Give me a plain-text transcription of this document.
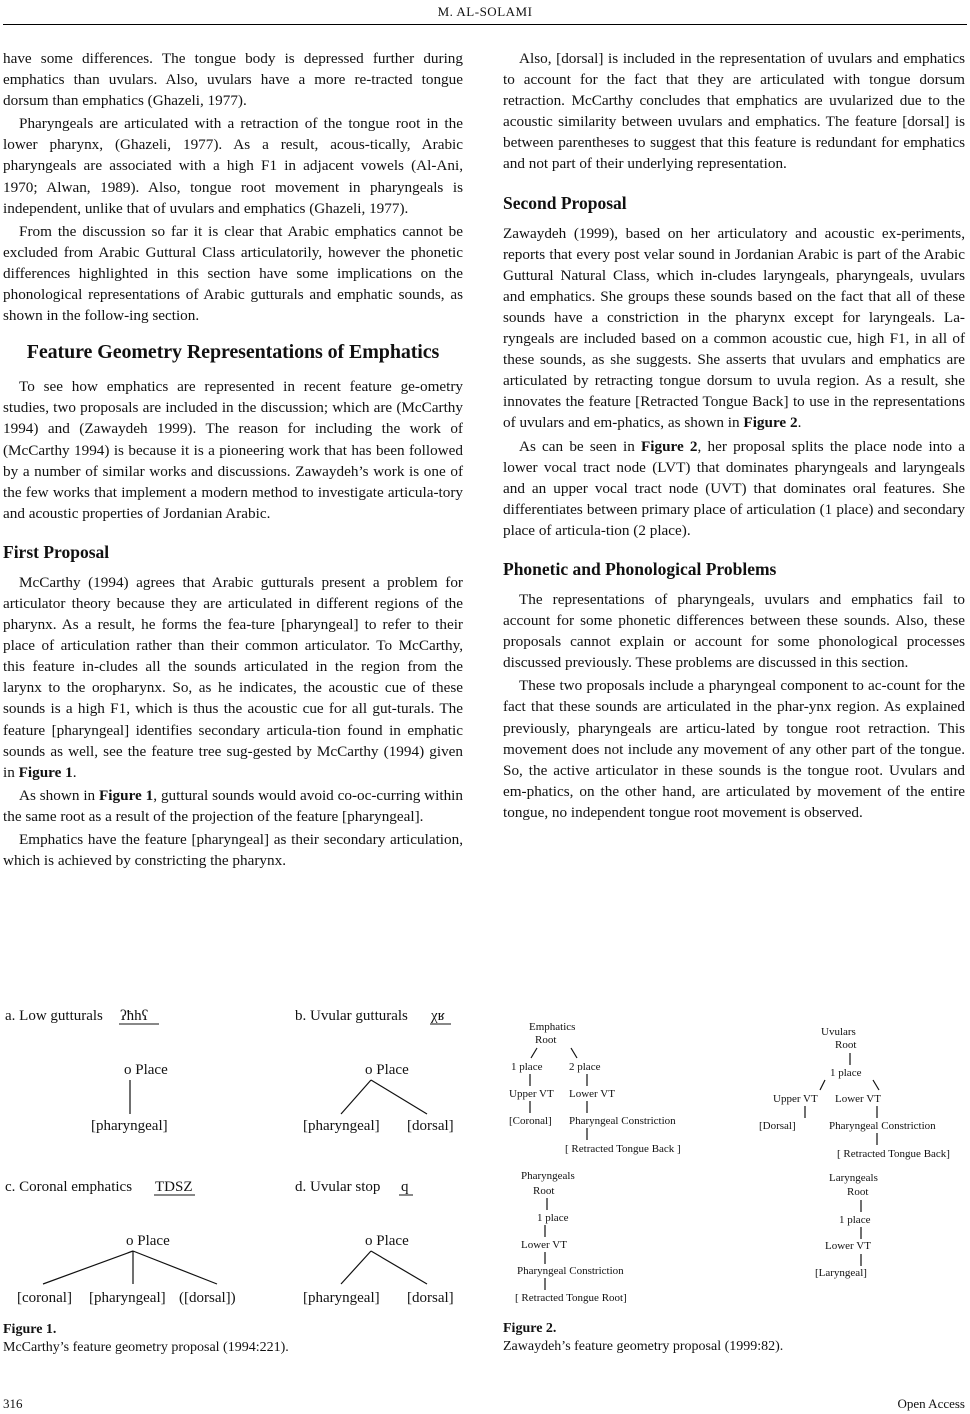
M. AL-SOLAMI

have some differences. The tongue body is depressed further during emphatics than uvulars. Also, uvulars have a more re-tracted tongue dorsum than emphatics (Ghazeli, 1977).

Pharyngeals are articulated with a retraction of the tongue root in the lower pharynx, (Ghazeli, 1977). As a result, acous-tically, Arabic pharyngeals are associated with a high F1 in adjacent vowels (Al-Ani, 1970; Alwan, 1989). Also, tongue root movement in pharyngeals is independent, unlike that of uvulars and emphatics (Ghazeli, 1977).

From the discussion so far it is clear that Arabic emphatics cannot be excluded from Arabic Guttural Class articulatorily, however the phonetic differences highlighted in this section have some implications on the phonological representations of Arabic gutturals and emphatic sounds, as shown in the follow-ing section.

Feature Geometry Representations of Emphatics

To see how emphatics are represented in recent feature ge-ometry studies, two proposals are included in the discussion; which are (McCarthy 1994) and (Zawaydeh 1999). The reason for including the work of (McCarthy 1994) is because it is a pioneering work that has been followed by a number of similar works and discussions. Zawaydeh’s work is one of the few works that implement a modern method to investigate articula-tory and acoustic properties of Jordanian Arabic.

First Proposal

McCarthy (1994) agrees that Arabic gutturals present a problem for articulator theory because they are articulated in different regions of the pharynx. As a result, he forms the fea-ture [pharyngeal] to refer to their place of articulation rather than their common articulator. To McCarthy, this feature in-cludes all the sounds articulated in the region from the larynx to the oropharynx. So, as he indicates, the acoustic cue of these sounds is a high F1, which is thus the acoustic cue for all gut-turals. The feature [pharyngeal] identifies secondary articula-tion found in emphatic sounds as well, see the feature tree sug-gested by McCarthy (1994) given in Figure 1.

As shown in Figure 1, guttural sounds would avoid co-oc-curring within the same root as a result of the projection of the feature [pharyngeal].

Emphatics have the feature [pharyngeal] as their secondary articulation, which is achieved by constricting the pharynx.

Also, [dorsal] is included in the representation of uvulars and emphatics to account for the fact that they are articulated with tongue dorsum retraction. McCarthy concludes that emphatics are uvularized due to the acoustic similarity between uvulars and emphatics. The feature [dorsal] is between parentheses to suggest that this feature is redundant for emphatics and not part of their underlying representation.

Second Proposal

Zawaydeh (1999), based on her articulatory and acoustic ex-periments, reports that every post velar sound in Jordanian Arabic is part of the Arabic Guttural Natural Class, which in-cludes laryngeals, pharyngeals, uvulars and emphatics. She groups these sounds based on the fact that all of these sounds have a constriction in the pharynx except for laryngeals. La-ryngeals are included based on a common acoustic cue, high F1, in all of these sounds, as she suggests. She asserts that uvulars and emphatics are articulated by retracting tongue dorsum to uvula region. As a result, she innovates the feature [Retracted Tongue Back] to use in the representations of uvulars and em-phatics, as shown in Figure 2.

As can be seen in Figure 2, her proposal splits the place node into a lower vocal tract node (LVT) that dominates pharyngeals and laryngeals and an upper vocal tract node (UVT) that dominates oral features. She differentiates between primary place of articulation (1 place) and secondary place of articula-tion (2 place).

Phonetic and Phonological Problems

The representations of pharyngeals, uvulars and emphatics fail to account for some phonetic differences between these sounds. Also, these proposals cannot explain or account for some phonological processes discussed previously. These problems are discussed in this section.

These two proposals include a pharyngeal component to ac-count for the fact that these sounds are articulated in the phar-ynx region. As explained previously, pharyngeals are articu-lated by tongue root retraction. This movement does not include any movement of any other part of the tongue. So, the active articulator in these sounds is the tongue root. Uvulars and em-phatics, on the other hand, are articulated by movement of the entire tongue, no independent tongue root movement is observed.

a. Low gutturals ʔħhʕ
o Place
[pharyngeal]
b. Uvular gutturals χʁ
o Place
[pharyngeal] [dorsal]
c. Coronal emphatics TDSZ
o Place
[coronal] [pharyngeal] ([dorsal])
d. Uvular stop q
o Place
[pharyngeal] [dorsal]
Figure 1.
McCarthy’s feature geometry proposal (1994:221).
Emphatics
Root
1 place 2 place
Upper VT Lower VT
[Coronal] Pharyngeal Constriction
[ Retracted Tongue Back ]
Uvulars
Root
1 place
Upper VT Lower VT
[Dorsal]	Pharyngeal Constriction
[ Retracted Tongue Back]
Pharyngeals
Root
1 place
Lower VT
Pharyngeal Constriction
[ Retracted Tongue Root]
Laryngeals
Root
1 place
Lower VT
[Laryngeal]
Figure 2.
Zawaydeh’s feature geometry proposal (1999:82).
316	Open Access
